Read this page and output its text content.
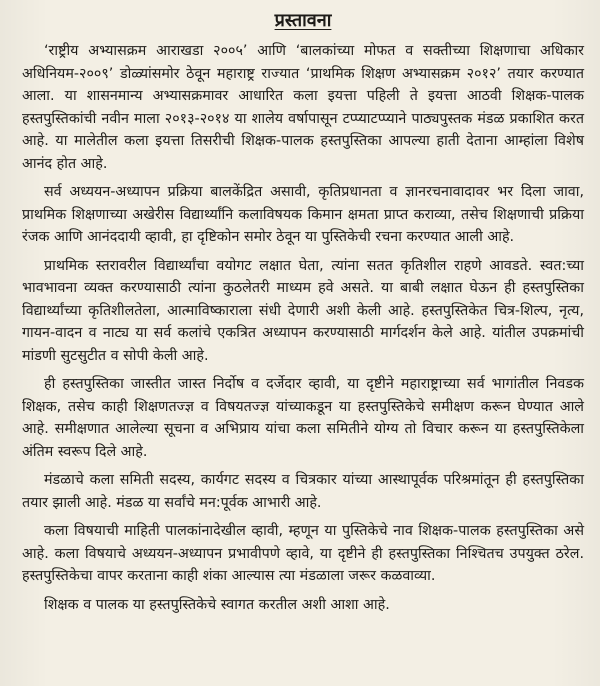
प्रस्तावना

‘राष्ट्रीय अभ्यासक्रम आराखडा २००५’ आणि ‘बालकांच्या मोफत व सक्तीच्या शिक्षणाचा अधिकार अधिनियम-२००९’ डोळ्यांसमोर ठेवून महाराष्ट्र राज्यात ‘प्राथमिक शिक्षण अभ्यासक्रम २०१२’ तयार करण्यात आला. या शासनमान्य अभ्यासक्रमावर आधारित कला इयत्ता पहिली ते इयत्ता आठवी शिक्षक-पालक हस्तपुस्तिकांची नवीन माला २०१३-२०१४ या शालेय वर्षापासून टप्प्याटप्प्याने पाठ्यपुस्तक मंडळ प्रकाशित करत आहे. या मालेतील कला इयत्ता तिसरीची शिक्षक-पालक हस्तपुस्तिका आपल्या हाती देताना आम्हांला विशेष आनंद होत आहे.

सर्व अध्ययन-अध्यापन प्रक्रिया बालकेंद्रित असावी, कृतिप्रधानता व ज्ञानरचनावादावर भर दिला जावा, प्राथमिक शिक्षणाच्या अखेरीस विद्यार्थ्यांनि कलाविषयक किमान क्षमता प्राप्त कराव्या, तसेच शिक्षणाची प्रक्रिया रंजक आणि आनंददायी व्हावी, हा दृष्टिकोन समोर ठेवून या पुस्तिकेची रचना करण्यात आली आहे.

प्राथमिक स्तरावरील विद्यार्थ्यांचा वयोगट लक्षात घेता, त्यांना सतत कृतिशील राहणे आवडते. स्वत:च्या भावभावना व्यक्त करण्यासाठी त्यांना कुठलेतरी माध्यम हवे असते. या बाबी लक्षात घेऊन ही हस्तपुस्तिका विद्यार्थ्यांच्या कृतिशीलतेला, आत्माविष्काराला संधी देणारी अशी केली आहे. हस्तपुस्तिकेत चित्र-शिल्प, नृत्य, गायन-वादन व नाट्य या सर्व कलांचे एकत्रित अध्यापन करण्यासाठी मार्गदर्शन केले आहे. यांतील उपक्रमांची मांडणी सुटसुटीत व सोपी केली आहे.

ही हस्तपुस्तिका जास्तीत जास्त निर्दोष व दर्जेदार व्हावी, या दृष्टीने महाराष्ट्राच्या सर्व भागांतील निवडक शिक्षक, तसेच काही शिक्षणतज्ज्ञ व विषयतज्ज्ञ यांच्याकडून या हस्तपुस्तिकेचे समीक्षण करून घेण्यात आले आहे. समीक्षणात आलेल्या सूचना व अभिप्राय यांचा कला समितीने योग्य तो विचार करून या हस्तपुस्तिकेला अंतिम स्वरूप दिले आहे.

मंडळाचे कला समिती सदस्य, कार्यगट सदस्य व चित्रकार यांच्या आस्थापूर्वक परिश्रमांतून ही हस्तपुस्तिका तयार झाली आहे. मंडळ या सर्वांचे मन:पूर्वक आभारी आहे.

कला विषयाची माहिती पालकांनादेखील व्हावी, म्हणून या पुस्तिकेचे नाव शिक्षक-पालक हस्तपुस्तिका असे आहे. कला विषयाचे अध्ययन-अध्यापन प्रभावीपणे व्हावे, या दृष्टीने ही हस्तपुस्तिका निश्चितच उपयुक्त ठरेल. हस्तपुस्तिकेचा वापर करताना काही शंका आल्यास त्या मंडळाला जरूर कळवाव्या.

शिक्षक व पालक या हस्तपुस्तिकेचे स्वागत करतील अशी आशा आहे.
